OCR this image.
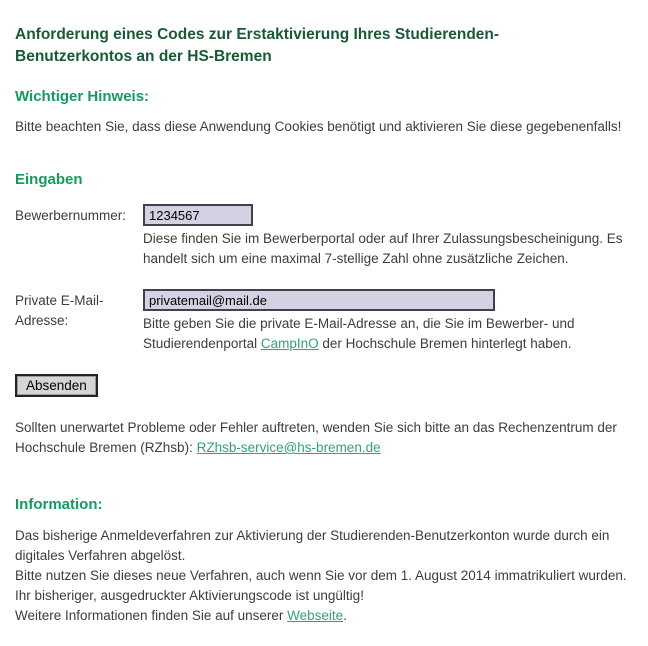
Anforderung eines Codes zur Erstaktivierung Ihres Studierenden-Benutzerkontos an der HS-Bremen
Wichtiger Hinweis:

Bitte beachten Sie, dass diese Anwendung Cookies benötigt und aktivieren Sie diese gegebenenfalls!

Eingaben
Bewerbernummer:
1234567
Diese finden Sie im Bewerberportal oder auf Ihrer Zulassungsbescheinigung. Es handelt sich um eine maximal 7-stellige Zahl ohne zusätzliche Zeichen.
Private E-Mail-Adresse:
privatemail@mail.de	Bitte geben Sie die private E-Mail-Adresse an, die Sie im Bewerber- und Studierendenportal CampInO der Hochschule Bremen hinterlegt haben.
Absenden

Sollten unerwartet Probleme oder Fehler auftreten, wenden Sie sich bitte an das Rechenzentrum der Hochschule Bremen (RZhsb): RZhsb-service@hs-bremen.de

Information:

Das bisherige Anmeldeverfahren zur Aktivierung der Studierenden-Benutzerkonton wurde durch ein digitales Verfahren abgelöst.
Bitte nutzen Sie dieses neue Verfahren, auch wenn Sie vor dem 1. August 2014 immatrikuliert wurden. Ihr bisheriger, ausgedruckter Aktivierungscode ist ungültig!
Weitere Informationen finden Sie auf unserer Webseite.
